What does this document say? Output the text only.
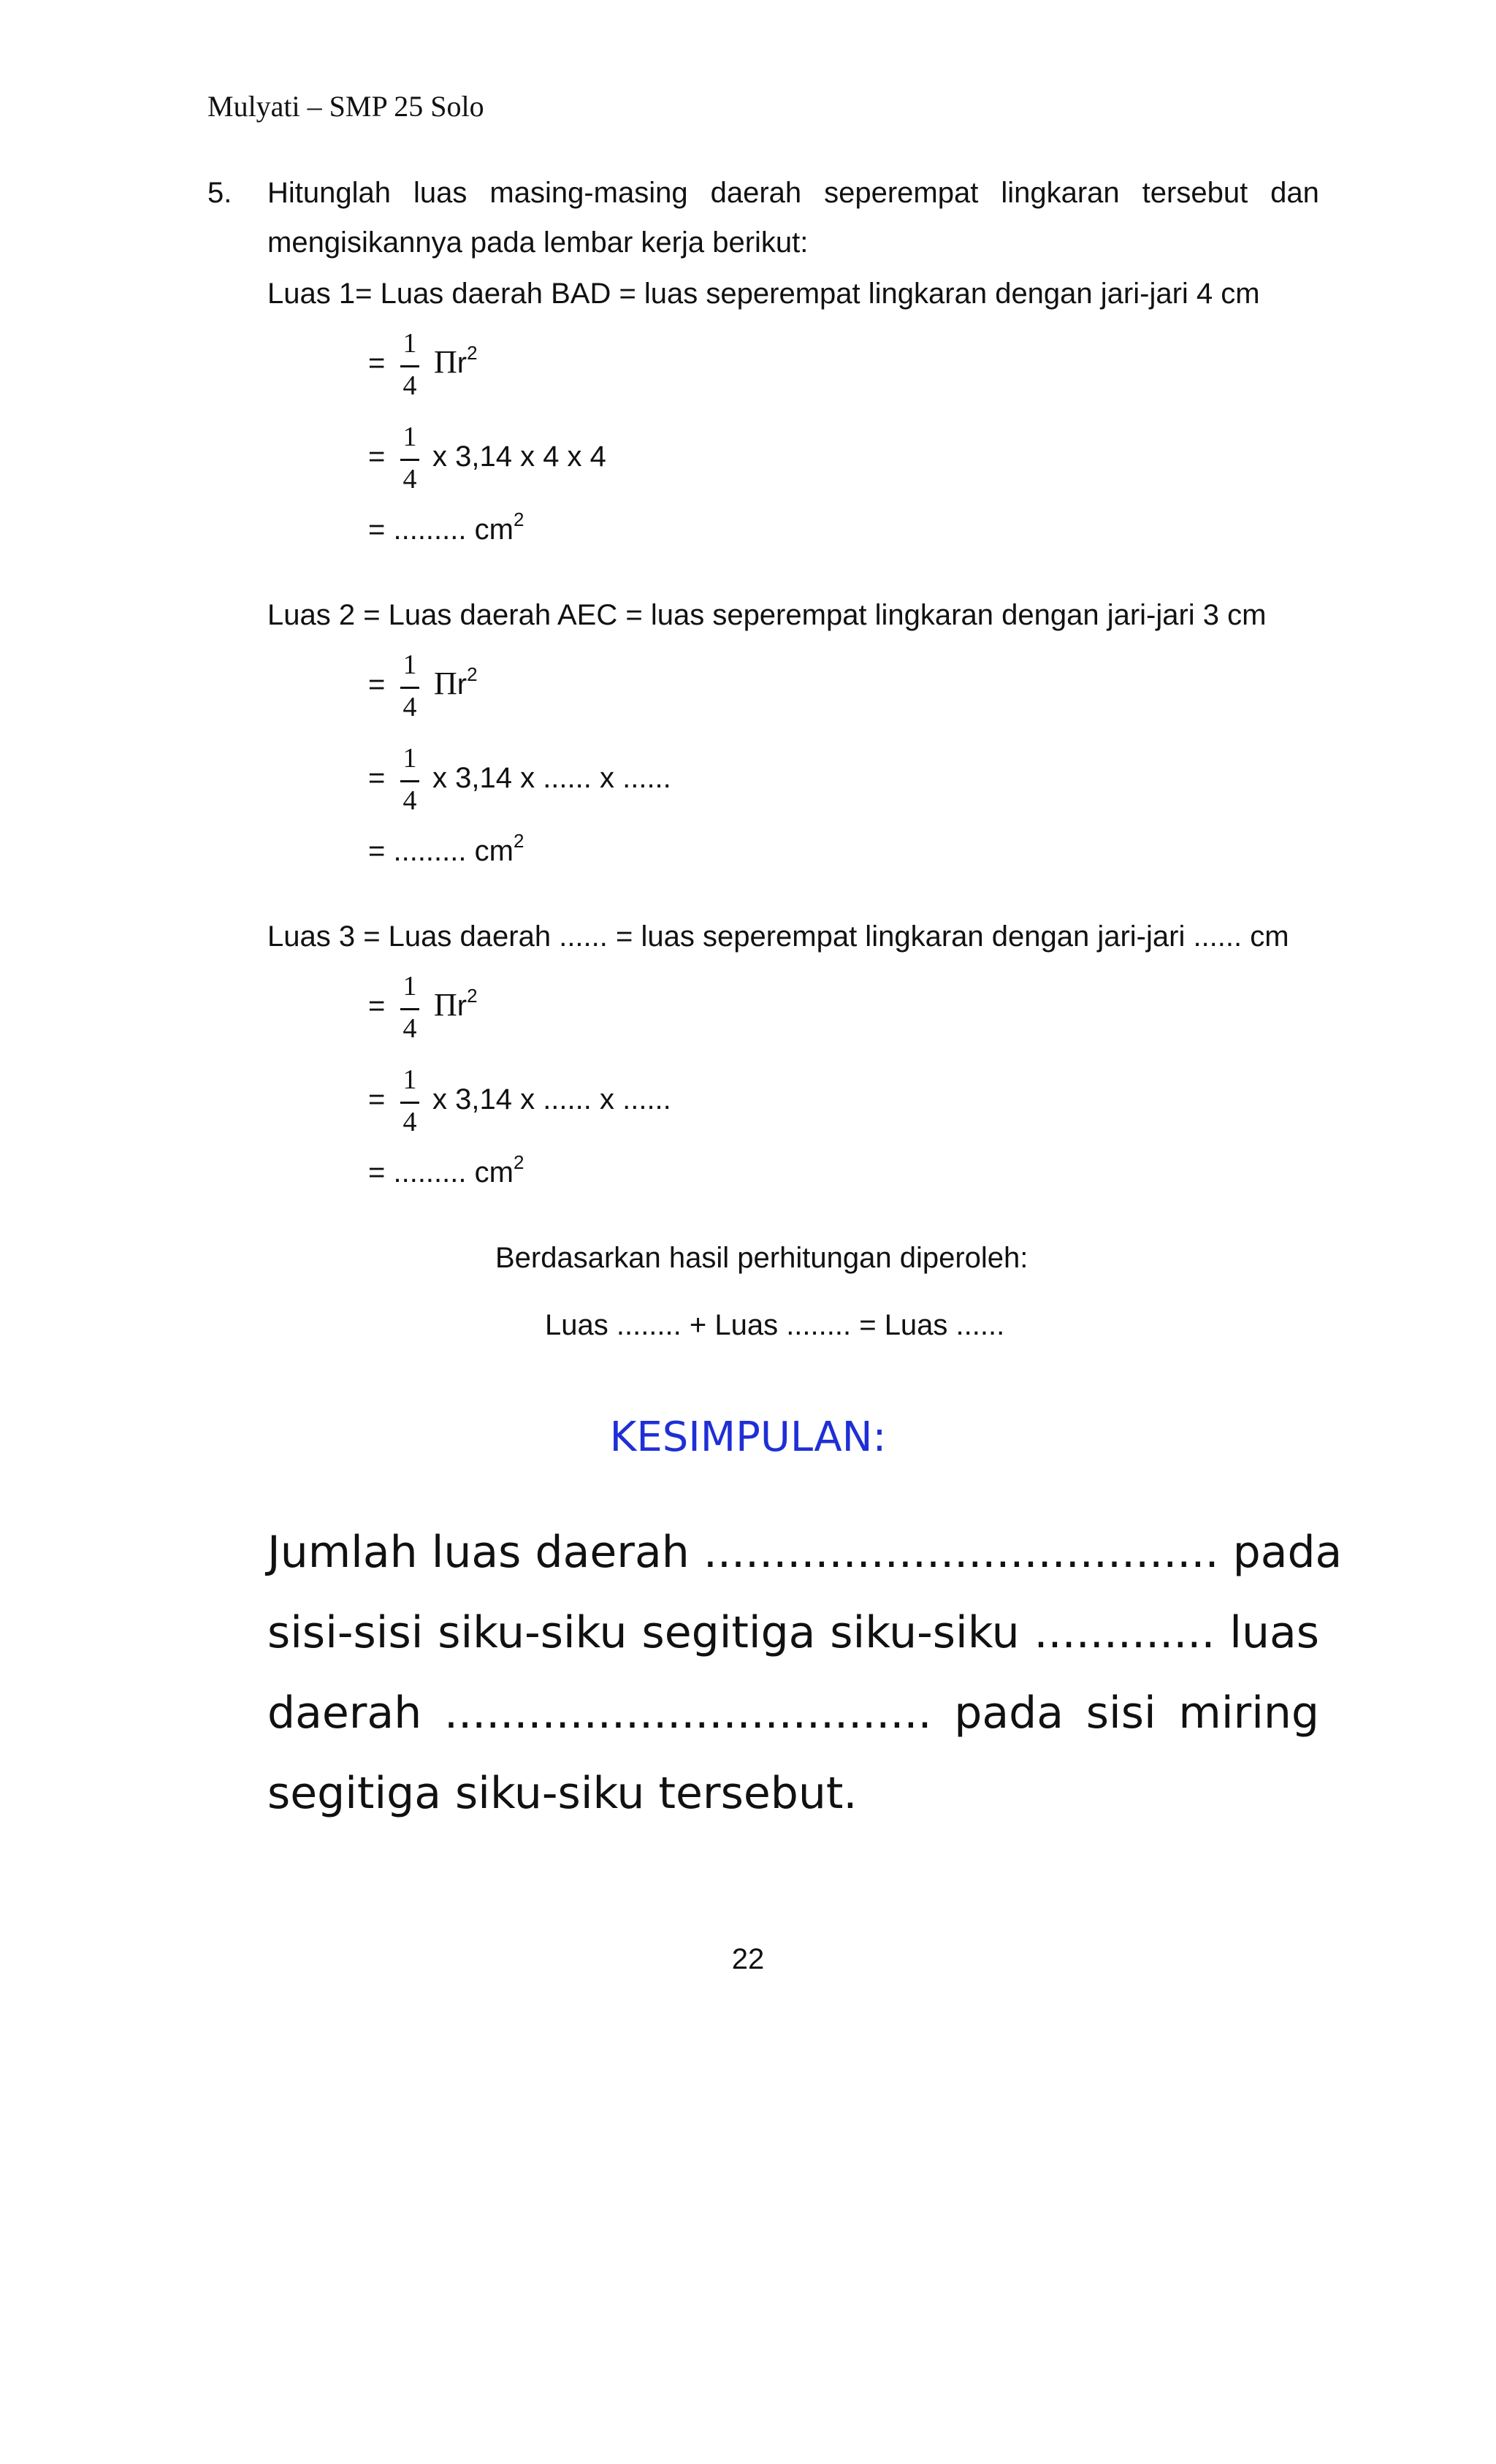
Mulyati – SMP 25 Solo
5. Hitunglah luas masing-masing daerah seperempat lingkaran tersebut dan
mengisikannya pada lembar kerja berikut:
Luas 1= Luas daerah BAD = luas seperempat lingkaran dengan jari-jari 4 cm
=
1
4
$\Pi r^2$
=
1
4
x 3,14 x 4 x 4
= ......... $cm^2$
Luas 2 = Luas daerah AEC = luas seperempat lingkaran dengan jari-jari 3 cm
=
1
4
$\Pi r^2$
=
1
4
x 3,14 x ...... x ......
= ......... $cm^2$
Luas 3 = Luas daerah ...... = luas seperempat lingkaran dengan jari-jari ...... cm
=
1
4
$\Pi r^2$
=
1
4
x 3,14 x ...... x ......
= ......... $cm^2$
Berdasarkan hasil perhitungan diperoleh:
Luas ........ + Luas ........ = Luas ......
KESIMPULAN:
Jumlah luas daerah ..................................... pada
sisi-sisi siku-siku segitiga siku-siku ............. luas
daerah ................................... pada sisi miring
segitiga siku-siku tersebut.
22
